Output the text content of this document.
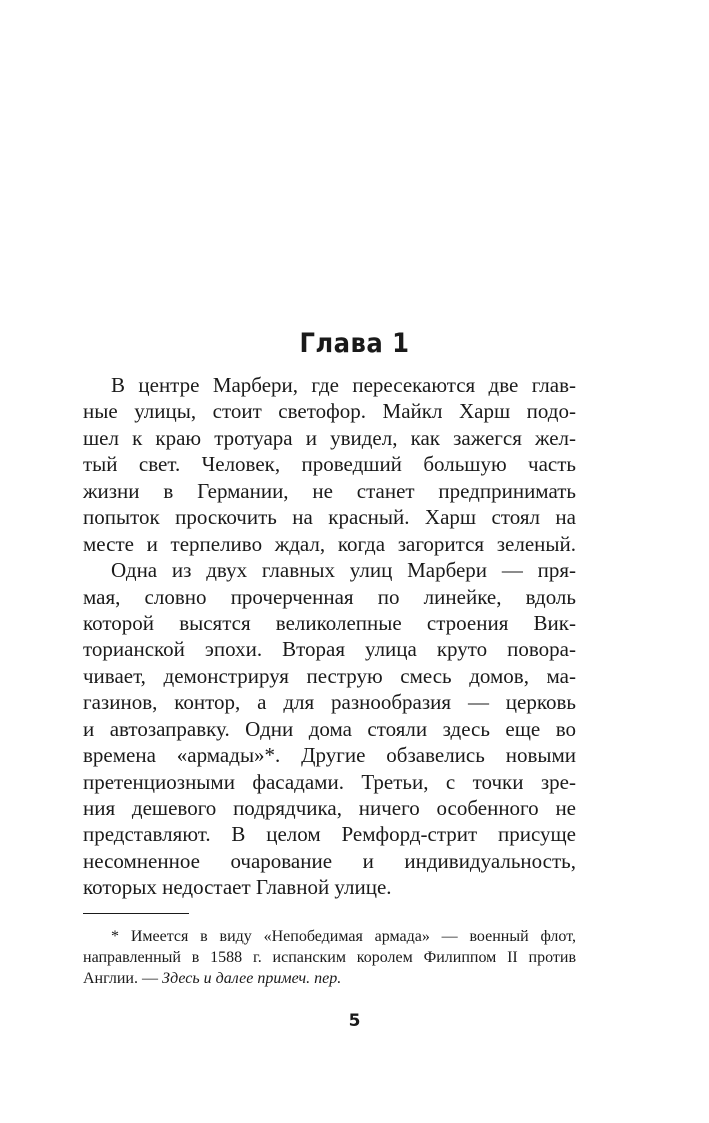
Глава 1
В центре Марбери, где пересекаются две глав-
ные улицы, стоит светофор. Майкл Харш подо-
шел к краю тротуара и увидел, как зажегся жел-
тый свет. Человек, проведший большую часть
жизни в Германии, не станет предпринимать
попыток проскочить на красный. Харш стоял на
месте и терпеливо ждал, когда загорится зеленый.
Одна из двух главных улиц Марбери — пря-
мая, словно прочерченная по линейке, вдоль
которой высятся великолепные строения Вик-
торианской эпохи. Вторая улица круто повора-
чивает, демонстрируя пеструю смесь домов, ма-
газинов, контор, а для разнообразия — церковь
и автозаправку. Одни дома стояли здесь еще во
времена «армады»*. Другие обзавелись новыми
претенциозными фасадами. Третьи, с точки зре-
ния дешевого подрядчика, ничего особенного не
представляют. В целом Ремфорд-стрит присуще
несомненное очарование и индивидуальность,
которых недостает Главной улице.
* Имеется в виду «Непобедимая армада» — военный флот,
направленный в 1588 г. испанским королем Филиппом II против
Англии. — Здесь и далее примеч. пер.
5
